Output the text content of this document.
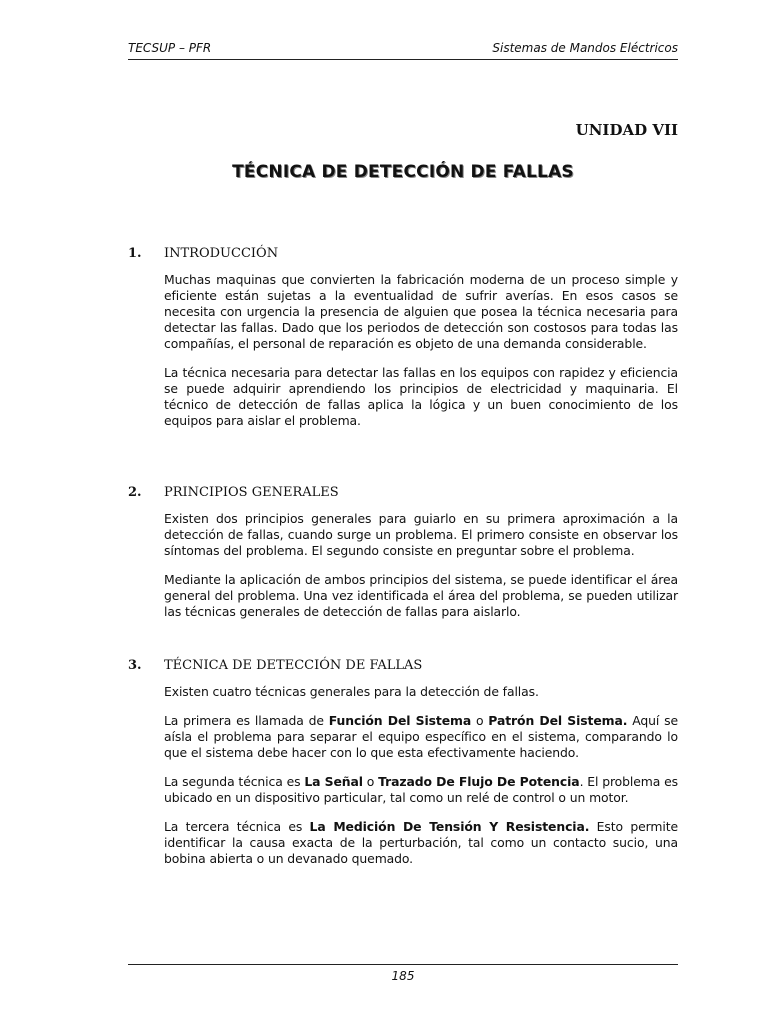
TECSUP – PFR	Sistemas de Mandos Eléctricos
UNIDAD VII
TÉCNICA DE DETECCIÓN DE FALLAS
1.	INTRODUCCIÓN

Muchas maquinas que convierten la fabricación moderna de un proceso simple y eficiente están sujetas a la eventualidad de sufrir averías. En esos casos se necesita con urgencia la presencia de alguien que posea la técnica necesaria para detectar las fallas. Dado que los periodos de detección son costosos para todas las compañías, el personal de reparación es objeto de una demanda considerable.

La técnica necesaria para detectar las fallas en los equipos con rapidez y eficiencia se puede adquirir aprendiendo los principios de electricidad y maquinaria. El técnico de detección de fallas aplica la lógica y un buen conocimiento de los equipos para aislar el problema.

2.	PRINCIPIOS GENERALES

Existen dos principios generales para guiarlo en su primera aproximación a la detección de fallas, cuando surge un problema. El primero consiste en observar los síntomas del problema. El segundo consiste en preguntar sobre el problema.

Mediante la aplicación de ambos principios del sistema, se puede identificar el área general del problema. Una vez identificada el área del problema, se pueden utilizar las técnicas generales de detección de fallas para aislarlo.

3.	TÉCNICA DE DETECCIÓN DE FALLAS

Existen cuatro técnicas generales para la detección de fallas.

La primera es llamada de Función Del Sistema o Patrón Del Sistema. Aquí se aísla el problema para separar el equipo específico en el sistema, comparando lo que el sistema debe hacer con lo que esta efectivamente haciendo.

La segunda técnica es La Señal o Trazado De Flujo De Potencia. El problema es ubicado en un dispositivo particular, tal como un relé de control o un motor.

La tercera técnica es La Medición De Tensión Y Resistencia. Esto permite identificar la causa exacta de la perturbación, tal como un contacto sucio, una bobina abierta o un devanado quemado.

185
